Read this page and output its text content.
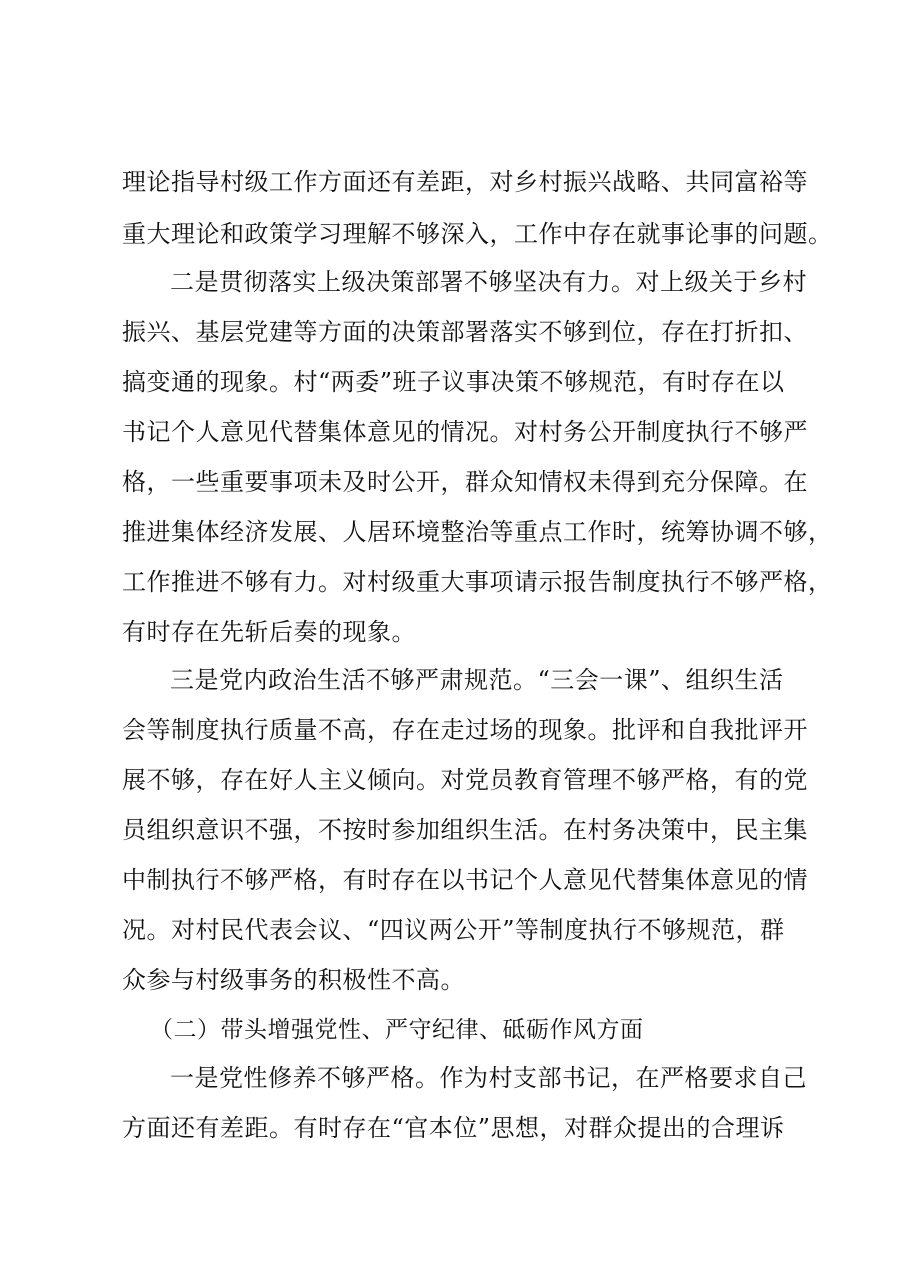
理论指导村级工作方面还有差距，对乡村振兴战略、共同富裕等
重大理论和政策学习理解不够深入，工作中存在就事论事的问题。
二是贯彻落实上级决策部署不够坚决有力。对上级关于乡村
振兴、基层党建等方面的决策部署落实不够到位，存在打折扣、
搞变通的现象。村“两委”班子议事决策不够规范，有时存在以
书记个人意见代替集体意见的情况。对村务公开制度执行不够严
格，一些重要事项未及时公开，群众知情权未得到充分保障。在
推进集体经济发展、人居环境整治等重点工作时，统筹协调不够，
工作推进不够有力。对村级重大事项请示报告制度执行不够严格，
有时存在先斩后奏的现象。
三是党内政治生活不够严肃规范。“三会一课”、组织生活
会等制度执行质量不高，存在走过场的现象。批评和自我批评开
展不够，存在好人主义倾向。对党员教育管理不够严格，有的党
员组织意识不强，不按时参加组织生活。在村务决策中，民主集
中制执行不够严格，有时存在以书记个人意见代替集体意见的情
况。对村民代表会议、“四议两公开”等制度执行不够规范，群
众参与村级事务的积极性不高。
（二）带头增强党性、严守纪律、砥砺作风方面
一是党性修养不够严格。作为村支部书记，在严格要求自己
方面还有差距。有时存在“官本位”思想，对群众提出的合理诉
